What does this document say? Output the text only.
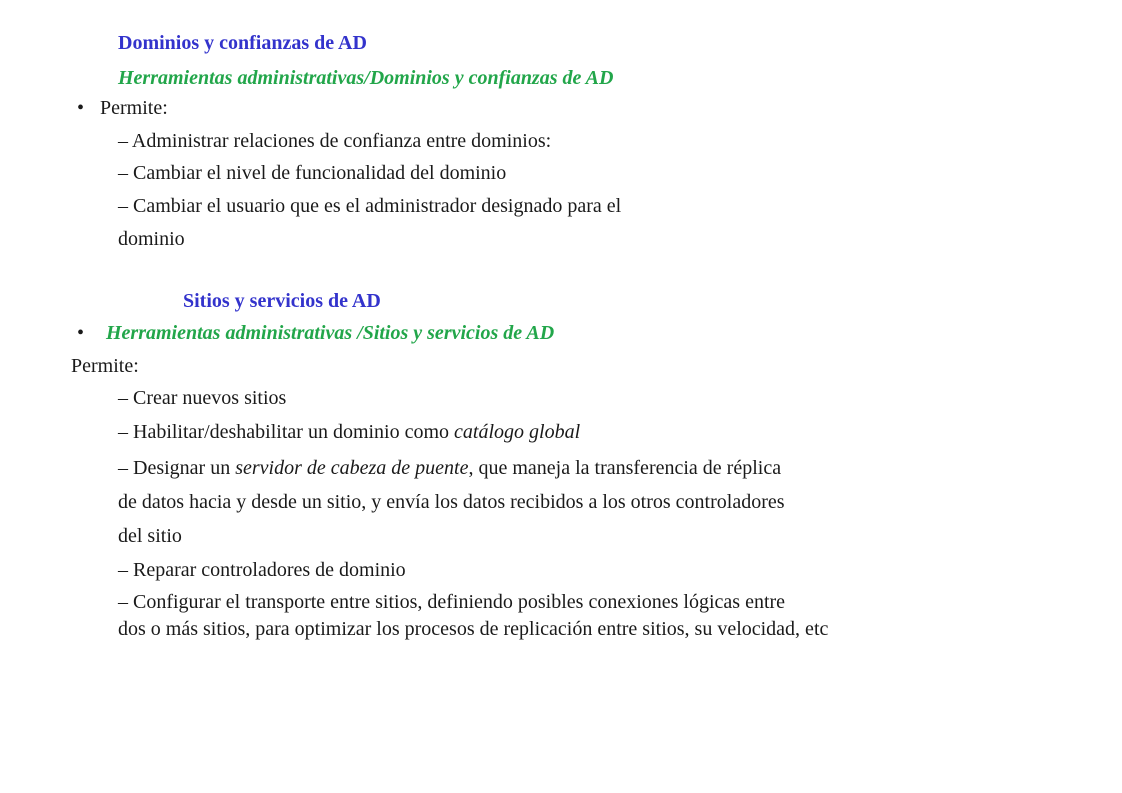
Dominios y confianzas de AD
Herramientas administrativas/Dominios y confianzas de AD
• Permite:
– Administrar relaciones de confianza entre dominios:
– Cambiar el nivel de funcionalidad del dominio
– Cambiar el usuario que es el administrador designado para el
dominio
Sitios y servicios de AD
• Herramientas administrativas /Sitios y servicios de AD
Permite:
– Crear nuevos sitios
– Habilitar/deshabilitar un dominio como catálogo global
– Designar un servidor de cabeza de puente, que maneja la transferencia de réplica
de datos hacia y desde un sitio, y envía los datos recibidos a los otros controladores
del sitio
– Reparar controladores de dominio
– Configurar el transporte entre sitios, definiendo posibles conexiones lógicas entre
dos o más sitios, para optimizar los procesos de replicación entre sitios, su velocidad, etc
